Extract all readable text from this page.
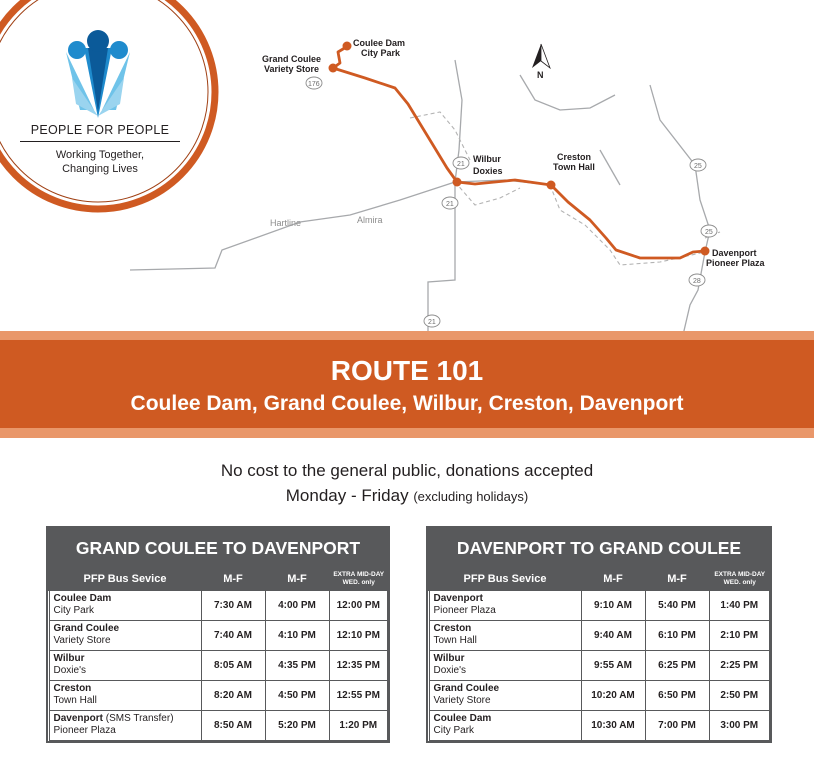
Coulee Dam
City Park
Grand Coulee
Variety Store
Wilbur
Doxies
Creston
Town Hall
Davenport
Pioneer Plaza
Hartline	Almira
176
21
21
21
25
25
28
N
PEOPLE FOR PEOPLE
Working Together,
Changing Lives
ROUTE 101
Coulee Dam, Grand Coulee, Wilbur, Creston, Davenport
No cost to the general public, donations accepted
Monday - Friday (excluding holidays)
GRAND COULEE TO DAVENPORT
PFP Bus Sevice	M-F	M-F	EXTRA MID-DAY
WED. only

Coulee Dam
City Park	7:30 AM	4:00 PM	12:00 PM

Grand Coulee
Variety Store	7:40 AM	4:10 PM	12:10 PM

Wilbur
Doxie's	8:05 AM	4:35 PM	12:35 PM

Creston
Town Hall	8:20 AM	4:50 PM	12:55 PM

Davenport (SMS Transfer)
Pioneer Plaza	8:50 AM	5:20 PM	1:20 PM
DAVENPORT TO GRAND COULEE
PFP Bus Sevice	M-F	M-F	EXTRA MID-DAY
WED. only

Davenport
Pioneer Plaza	9:10 AM	5:40 PM	1:40 PM

Creston
Town Hall	9:40 AM	6:10 PM	2:10 PM

Wilbur
Doxie's	9:55 AM	6:25 PM	2:25 PM

Grand Coulee
Variety Store	10:20 AM	6:50 PM	2:50 PM

Coulee Dam
City Park	10:30 AM	7:00 PM	3:00 PM
